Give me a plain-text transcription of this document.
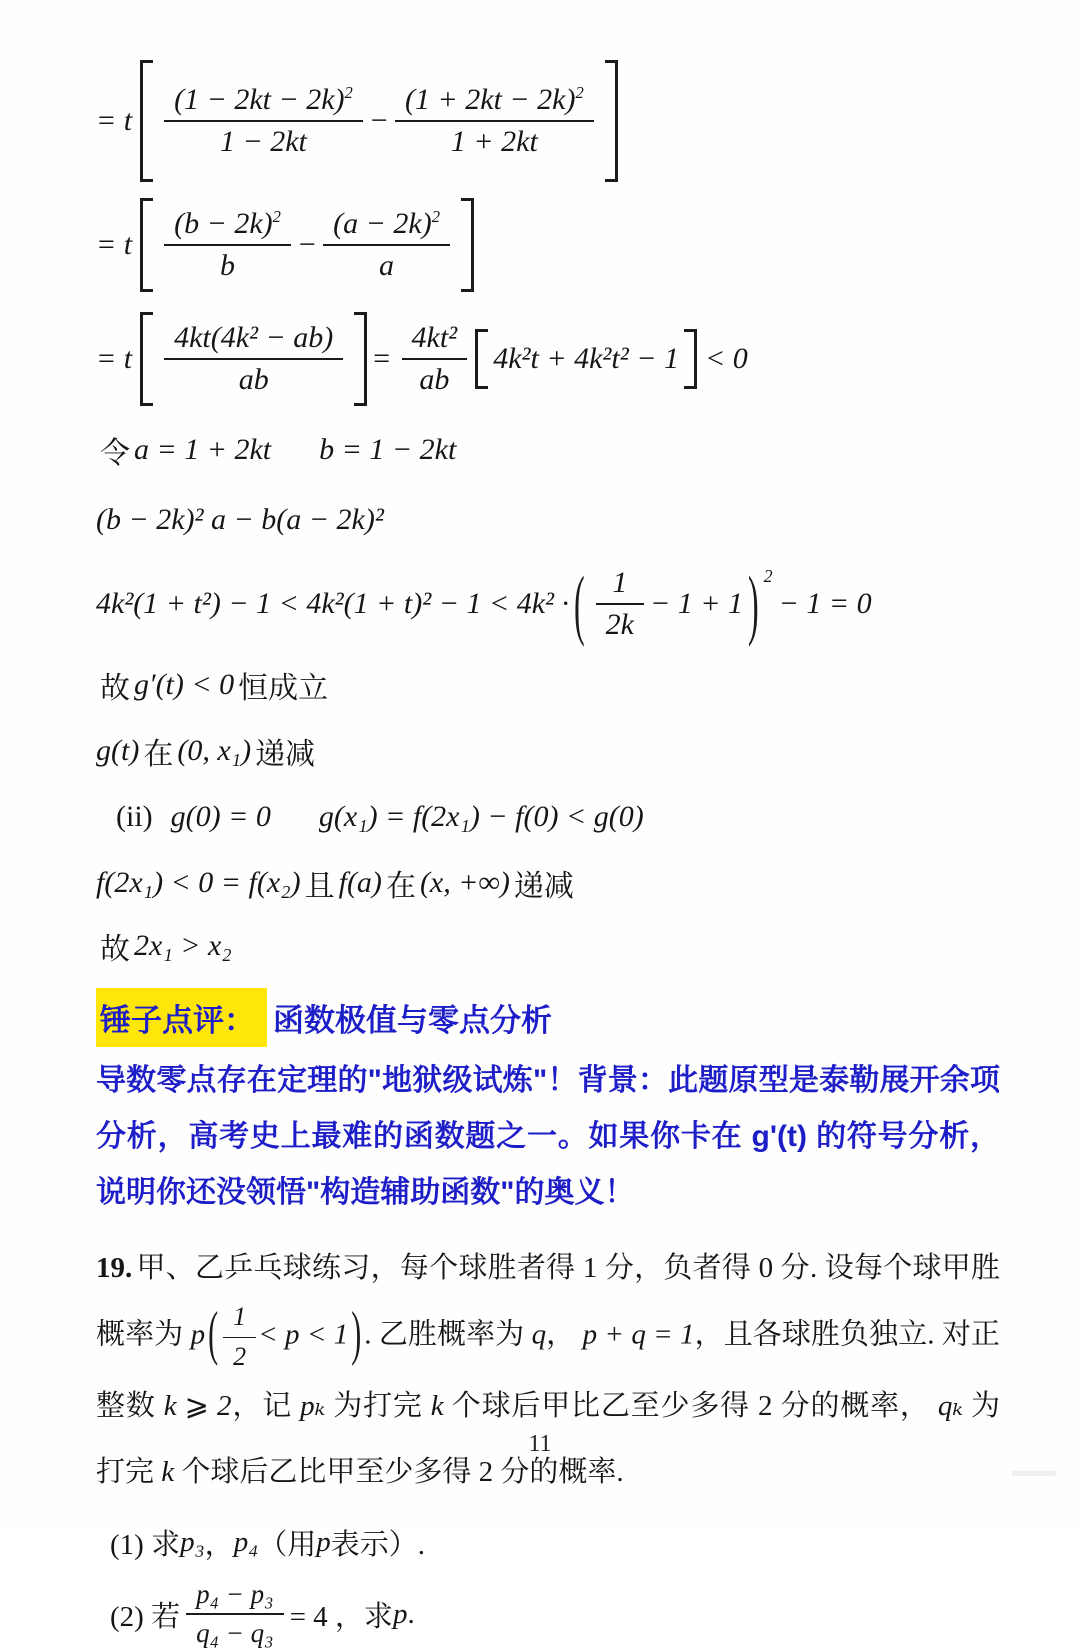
= t $\frac{(1 - 2kt - 2k)^2}{1 - 2kt} - \frac{(1 + 2kt - 2k)^2}{1 + 2kt}$
= t $\frac{(b - 2k)^2}{b} - \frac{(a - 2k)^2}{a}$
= t $\frac{\text{4kt(4k² − ab)}}{ab} = \frac{\text{4kt²}}{ab} 4k^2t + 4k^2t^2 - 1 < 0$
令 a = 1 + 2kt b = 1 − 2kt
(b − 2k)² a − b(a − 2k)²
4k²(1 + t²) − 1 < 4k²(1 + t)² − 1 < 4k² · ( $\frac{1}{2k} - 1 + 1$ ) 2
− 1 = 0
故 g′(t) < 0 恒成立
g(t) 在 (0, x₁) 递减
(ii) g(0) = 0 g(x₁) = f(2x₁) − f(0) < g(0)
f(2x₁) < 0 = f(x₂) 且 f(a) 在 (x, +∞) 递减
故 2x₁ > x₂
锤子点评： 函数极值与零点分析
导数零点存在定理的"地狱级试炼"！背景：此题原型是泰勒展开余项分析，高考史上最难的函数题之一。如果你卡在 g'(t) 的符号分析，说明你还没领悟"构造辅助函数"的奥义！
19. 甲、乙乒乓球练习，每个球胜者得 1 分，负者得 0 分. 设每个球甲胜概率为 p ( $\frac{1}{2} < p < 1$ ) . 乙胜概率为 q， p + q = 1，且各球胜负独立. 对正整数 k ⩾ 2，记 pₖ 为打完 k 个球后甲比乙至少多得 2 分的概率， qₖ 为打完 k 个球后乙比甲至少多得 2 分的概率.
(1) 求 p₃ ， p₄ （用 p 表示）.
(2) 若 $\frac{\text{p₄ − p₃}}{\text{q₄ − q₃}} = 4$ ，求 p .
11
